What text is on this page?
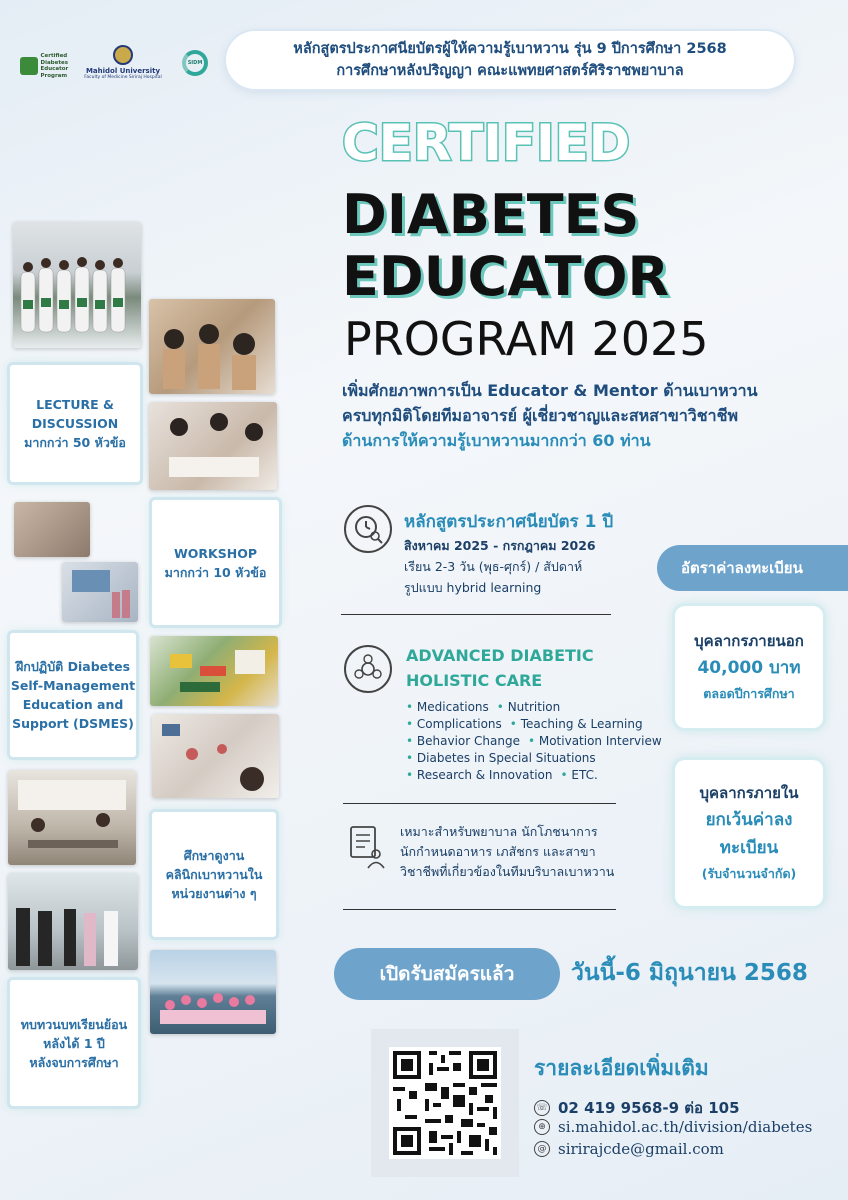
Certified Diabetes Educator Program
Mahidol University
Faculty of Medicine Siriraj Hospital
SIDM
หลักสูตรประกาศนียบัตรผู้ให้ความรู้เบาหวาน รุ่น 9 ปีการศึกษา 2568
การศึกษาหลังปริญญา คณะแพทยศาสตร์ศิริราชพยาบาล
CERTIFIED
DIABETES
EDUCATOR
PROGRAM 2025
เพิ่มศักยภาพการเป็น Educator & Mentor ด้านเบาหวาน
ครบทุกมิติโดยทีมอาจารย์ ผู้เชี่ยวชาญและสหสาขาวิชาชีพ
ด้านการให้ความรู้เบาหวานมากกว่า 60 ท่าน
หลักสูตรประกาศนียบัตร 1 ปี
สิงหาคม 2025 - กรกฎาคม 2026
เรียน 2-3 วัน (พุธ-ศุกร์) / สัปดาห์
รูปแบบ hybrid learning
ADVANCED DIABETIC
HOLISTIC CARE
• Medications • Nutrition
• Complications • Teaching & Learning
• Behavior Change • Motivation Interview
• Diabetes in Special Situations
• Research & Innovation • ETC.
เหมาะสำหรับพยาบาล นักโภชนาการ
นักกำหนดอาหาร เภสัชกร และสาขา
วิชาชีพที่เกี่ยวข้องในทีมบริบาลเบาหวาน
อัตราค่าลงทะเบียน
บุคลากรภายนอก
40,000 บาท
ตลอดปีการศึกษา
บุคลากรภายใน
ยกเว้นค่าลง
ทะเบียน
(รับจำนวนจำกัด)
เปิดรับสมัครแล้ว	วันนี้-6 มิถุนายน 2568
รายละเอียดเพิ่มเติม
☏ 02 419 9568-9 ต่อ 105
⊕ si.mahidol.ac.th/division/diabetes
@ sirirajcde@gmail.com
LECTURE &
DISCUSSION
มากกว่า 50 หัวข้อ
WORKSHOP
มากกว่า 10 หัวข้อ
ฝึกปฏิบัติ Diabetes
Self-Management
Education and
Support (DSMES)
ศึกษาดูงาน
คลินิกเบาหวานใน
หน่วยงานต่าง ๆ
ทบทวนบทเรียนย้อน
หลังได้ 1 ปี
หลังจบการศึกษา
